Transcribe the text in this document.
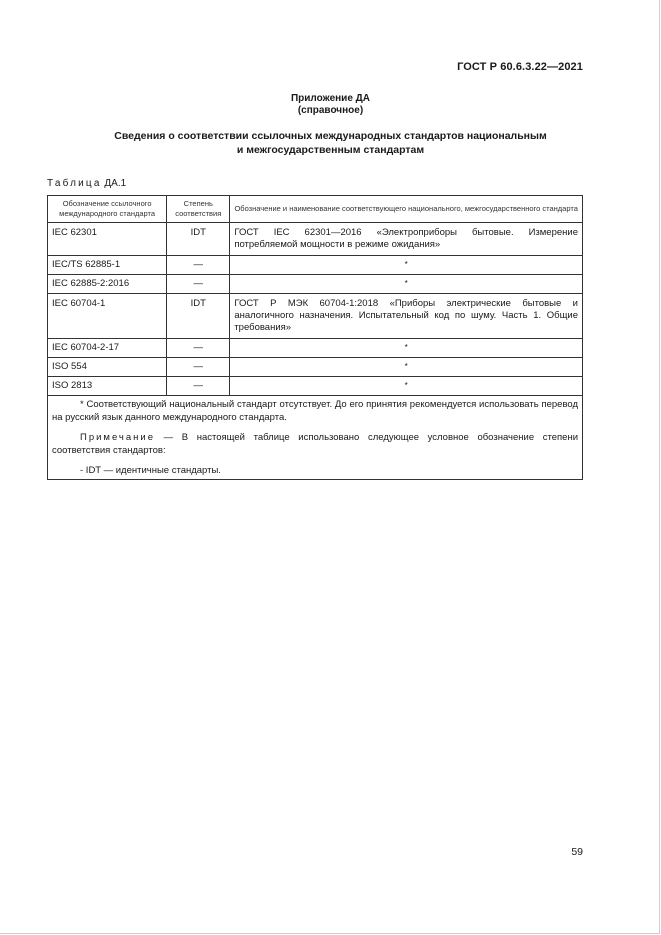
ГОСТ Р 60.6.3.22—2021
Приложение ДА
(справочное)
Сведения о соответствии ссылочных международных стандартов национальным
и межгосударственным стандартам
Таблица ДА.1
Обозначение ссылочного международного стандарта	Степень соответствия	Обозначение и наименование соответствующего национального, межгосударственного стандарта
IEC 62301	IDT	ГОСТ IEC 62301—2016 «Электроприборы бытовые. Измерение потребляемой мощности в режиме ожидания»
IEC/TS 62885-1	—	*
IEC 62885-2:2016	—	*
IEC 60704-1	IDT	ГОСТ Р МЭК 60704-1:2018 «Приборы электрические бытовые и аналогичного назначения. Испытательный код по шуму. Часть 1. Общие требования»
IEC 60704-2-17	—	*
ISO 554	—	*
ISO 2813	—	*

* Соответствующий национальный стандарт отсутствует. До его принятия рекомендуется использовать перевод на русский язык данного международного стандарта.

Примечание — В настоящей таблице использовано следующее условное обозначение степени соответствия стандартов:

- IDT — идентичные стандарты.		

59
